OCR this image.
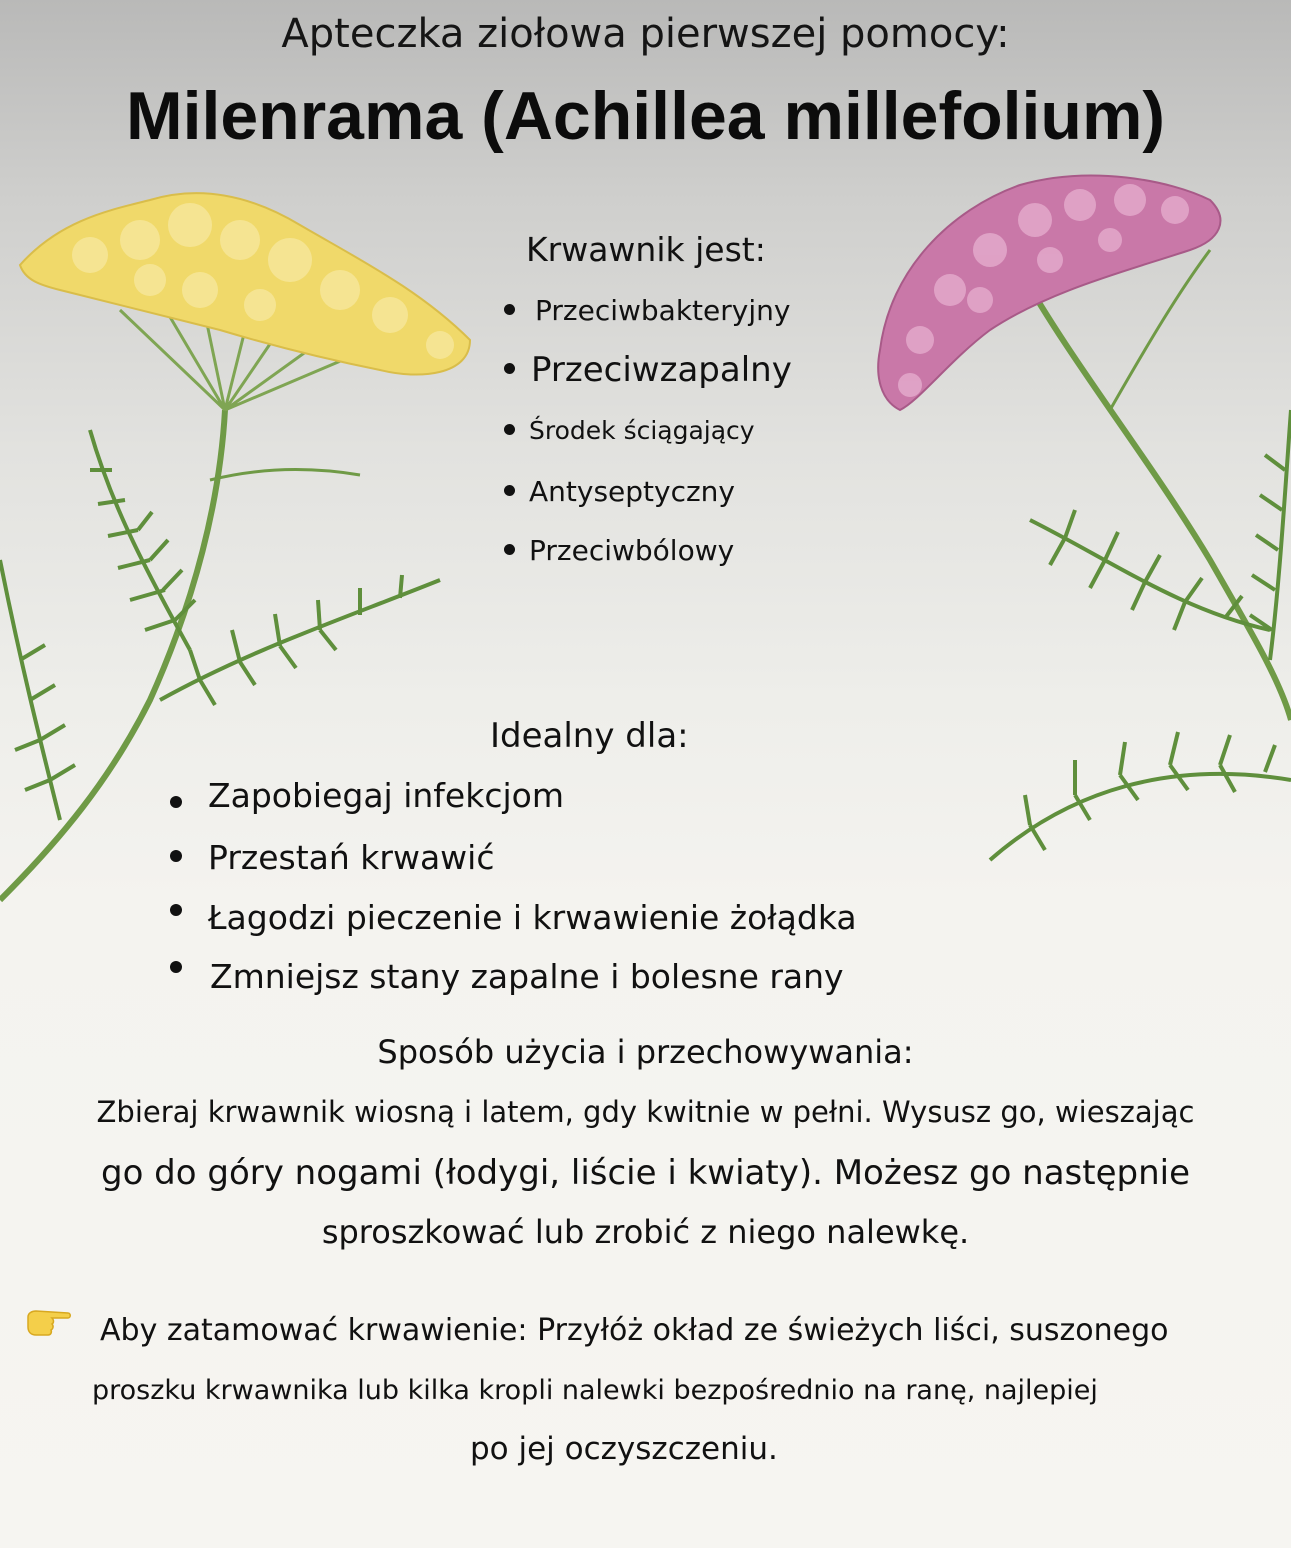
Apteczka ziołowa pierwszej pomocy:
Milenrama (Achillea millefolium)
Krwawnik jest:
Przeciwbakteryjny
Przeciwzapalny
Środek ściągający
Antyseptyczny
Przeciwbólowy
Idealny dla:
Zapobiegaj infekcjom
Przestań krwawić
Łagodzi pieczenie i krwawienie żołądka
Zmniejsz stany zapalne i bolesne rany
Sposób użycia i przechowywania:
Zbieraj krwawnik wiosną i latem, gdy kwitnie w pełni. Wysusz go, wieszając
go do góry nogami (łodygi, liście i kwiaty). Możesz go następnie
sproszkować lub zrobić z niego nalewkę.
Aby zatamować krwawienie: Przyłóż okład ze świeżych liści, suszonego
proszku krwawnika lub kilka kropli nalewki bezpośrednio na ranę, najlepiej
po jej oczyszczeniu.
